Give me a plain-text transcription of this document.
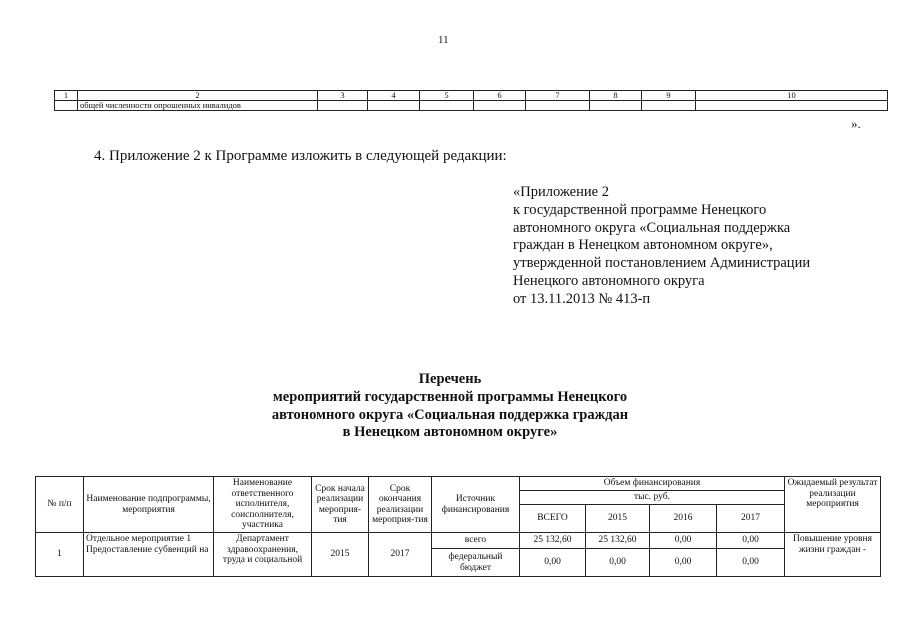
11
1	2	3	4	5	6	7	8	9	10
	общей численности опрошенных инвалидов								
».
4. Приложение 2 к Программе изложить в следующей редакции:
«Приложение 2
к государственной программе Ненецкого
автономного округа «Социальная поддержка
граждан в Ненецком автономном округе»,
утвержденной постановлением Администрации
Ненецкого автономного округа
от 13.11.2013 № 413-п
Перечень
мероприятий государственной программы Ненецкого
автономного округа «Социальная поддержка граждан
в Ненецком автономном округе»
№ п/п	Наименование подпрограммы, мероприятия	Наименование ответственного исполнителя, соисполнителя, участника	Срок начала реализации мероприя-тия	Срок окончания реализации мероприя-тия	Источник финансирования	Объем финансирования				Ожидаемый результат реализации мероприятия
						тыс. руб.				
						ВСЕГО	2015	2016	2017	
1	Отдельное мероприятие 1 Предоставление субвенций на	Департамент здравоохранения, труда и социальной	2015	2017	всего	25 132,60	25 132,60	0,00	0,00	Повышение уровня жизни граждан -
					федеральный бюджет	0,00	0,00	0,00	0,00	
